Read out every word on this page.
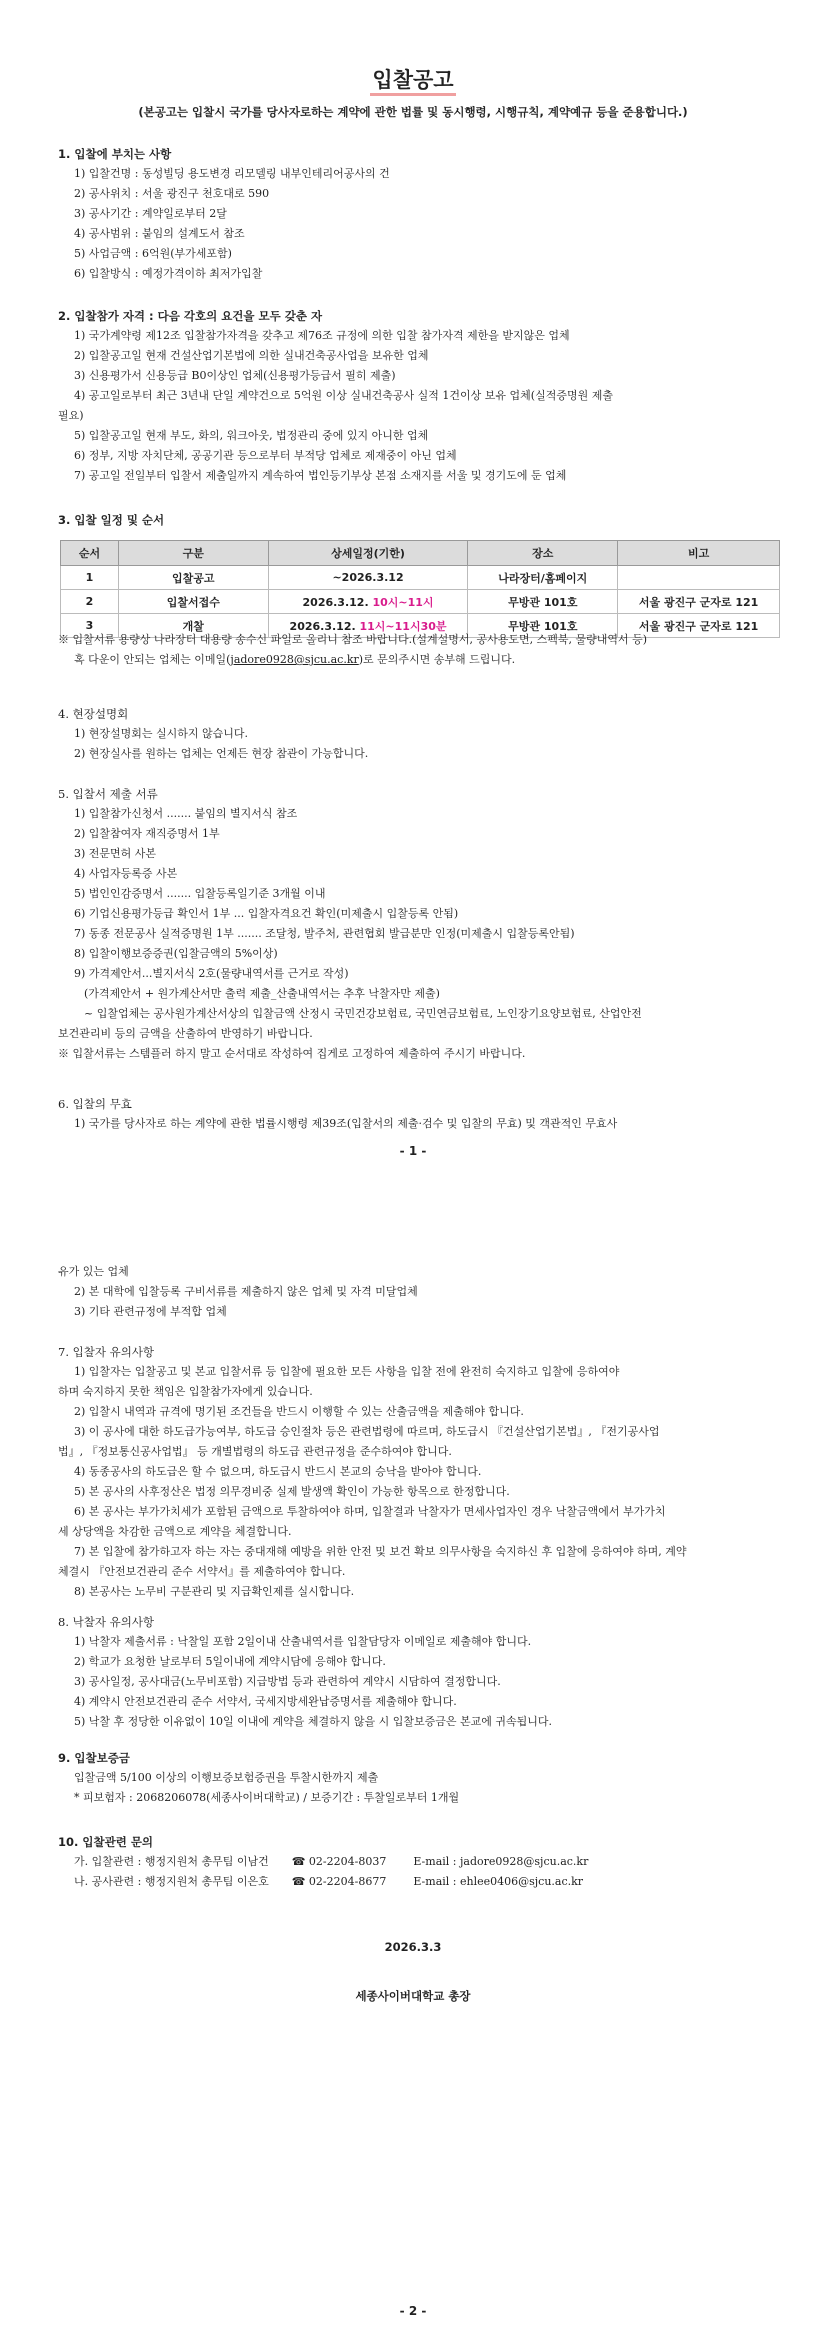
입찰공고
(본공고는 입찰시 국가를 당사자로하는 계약에 관한 법률 및 동시행령, 시행규칙, 계약예규 등을 준용합니다.)

1. 입찰에 부치는 사항

1) 입찰건명 : 동성빌딩 용도변경 리모델링 내부인테리어공사의 건

2) 공사위치 : 서울 광진구 천호대로 590

3) 공사기간 : 계약일로부터 2달

4) 공사범위 : 붙임의 설계도서 참조

5) 사업금액 : 6억원(부가세포함)

6) 입찰방식 : 예정가격이하 최저가입찰

2. 입찰참가 자격 : 다음 각호의 요건을 모두 갖춘 자

1) 국가계약령 제12조 입찰참가자격을 갖추고 제76조 규정에 의한 입찰 참가자격 제한을 받지않은 업체

2) 입찰공고일 현재 건설산업기본법에 의한 실내건축공사업을 보유한 업체

3) 신용평가서 신용등급 B0이상인 업체(신용평가등급서 필히 제출)

4) 공고일로부터 최근 3년내 단일 계약건으로 5억원 이상 실내건축공사 실적 1건이상 보유 업체(실적증명원 제출

필요)

5) 입찰공고일 현재 부도, 화의, 워크아웃, 법정관리 중에 있지 아니한 업체

6) 정부, 지방 자치단체, 공공기관 등으로부터 부적당 업체로 제재중이 아닌 업체

7) 공고일 전일부터 입찰서 제출일까지 계속하여 법인등기부상 본점 소재지를 서울 및 경기도에 둔 업체

3. 입찰 일정 및 순서

순서	구분	상세일정(기한)	장소	비고
1	입찰공고	~2026.3.12	나라장터/홈페이지	
2	입찰서접수	2026.3.12. 10시~11시	무방관 101호	서울 광진구 군자로 121
3	개찰	2026.3.12. 11시~11시30분	무방관 101호	서울 광진구 군자로 121

※ 입찰서류 용량상 나라장터 대용량 송수신 파일로 올리니 참조 바랍니다.(설계설명서, 공사용도면, 스펙북, 물량내역서 등)

혹 다운이 안되는 업체는 이메일(jadore0928@sjcu.ac.kr)로 문의주시면 송부해 드립니다.

4. 현장설명회

1) 현장설명회는 실시하지 않습니다.

2) 현장실사를 원하는 업체는 언제든 현장 참관이 가능합니다.

5. 입찰서 제출 서류

1) 입찰참가신청서 ....... 붙임의 별지서식 참조

2) 입찰참여자 재직증명서 1부

3) 전문면허 사본

4) 사업자등록증 사본

5) 법인인감증명서 ....... 입찰등록일기준 3개월 이내

6) 기업신용평가등급 확인서 1부 ... 입찰자격요건 확인(미제출시 입찰등록 안됨)

7) 동종 전문공사 실적증명원 1부 ....... 조달청, 발주처, 관련협회 발급분만 인정(미제출시 입찰등록안됨)

8) 입찰이행보증증권(입찰금액의 5%이상)

9) 가격제안서...별지서식 2호(물량내역서를 근거로 작성)

(가격제안서 + 원가계산서만 출력 제출_산출내역서는 추후 낙찰자만 제출)

~ 입찰업체는 공사원가계산서상의 입찰금액 산정시 국민건강보험료, 국민연금보험료, 노인장기요양보험료, 산업안전

보건관리비 등의 금액을 산출하여 반영하기 바랍니다.

※ 입찰서류는 스템플러 하지 말고 순서대로 작성하여 집게로 고정하여 제출하여 주시기 바랍니다.

6. 입찰의 무효

1) 국가를 당사자로 하는 계약에 관한 법률시행령 제39조(입찰서의 제출·검수 및 입찰의 무효) 및 객관적인 무효사

- 1 -

유가 있는 업체

2) 본 대학에 입찰등록 구비서류를 제출하지 않은 업체 및 자격 미달업체

3) 기타 관련규정에 부적합 업체

7. 입찰자 유의사항

1) 입찰자는 입찰공고 및 본교 입찰서류 등 입찰에 필요한 모든 사항을 입찰 전에 완전히 숙지하고 입찰에 응하여야

하며 숙지하지 못한 책임은 입찰참가자에게 있습니다.

2) 입찰시 내역과 규격에 명기된 조건들을 반드시 이행할 수 있는 산출금액을 제출해야 합니다.

3) 이 공사에 대한 하도급가능여부, 하도급 승인절차 등은 관련법령에 따르며, 하도급시 『건설산업기본법』, 『전기공사업

법』, 『정보통신공사업법』 등 개별법령의 하도급 관련규정을 준수하여야 합니다.

4) 동종공사의 하도급은 할 수 없으며, 하도급시 반드시 본교의 승낙을 받아야 합니다.

5) 본 공사의 사후정산은 법정 의무경비중 실제 발생액 확인이 가능한 항목으로 한정합니다.

6) 본 공사는 부가가치세가 포함된 금액으로 투찰하여야 하며, 입찰결과 낙찰자가 면세사업자인 경우 낙찰금액에서 부가가치

세 상당액을 차감한 금액으로 계약을 체결합니다.

7) 본 입찰에 참가하고자 하는 자는 중대재해 예방을 위한 안전 및 보건 확보 의무사항을 숙지하신 후 입찰에 응하여야 하며, 계약

체결시 『안전보건관리 준수 서약서』를 제출하여야 합니다.

8) 본공사는 노무비 구분관리 및 지급확인제를 실시합니다.

8. 낙찰자 유의사항

1) 낙찰자 제출서류 : 낙찰일 포함 2일이내 산출내역서를 입찰담당자 이메일로 제출해야 합니다.

2) 학교가 요청한 날로부터 5일이내에 계약시담에 응해야 합니다.

3) 공사일정, 공사대금(노무비포함) 지급방법 등과 관련하여 계약시 시담하여 결정합니다.

4) 계약시 안전보건관리 준수 서약서, 국세지방세완납증명서를 제출해야 합니다.

5) 낙찰 후 정당한 이유없이 10일 이내에 계약을 체결하지 않을 시 입찰보증금은 본교에 귀속됩니다.

9. 입찰보증금

입찰금액 5/100 이상의 이행보증보험증권을 투찰시한까지 제출

* 피보험자 : 2068206078(세종사이버대학교) / 보증기간 : 투찰일로부터 1개월

10. 입찰관련 문의

가. 입찰관련 : 행정지원처 총무팀 이남건 ☎ 02-2204-8037 E-mail : jadore0928@sjcu.ac.kr

나. 공사관련 : 행정지원처 총무팀 이은호 ☎ 02-2204-8677 E-mail : ehlee0406@sjcu.ac.kr

2026.3.3
세종사이버대학교 총장
- 2 -
